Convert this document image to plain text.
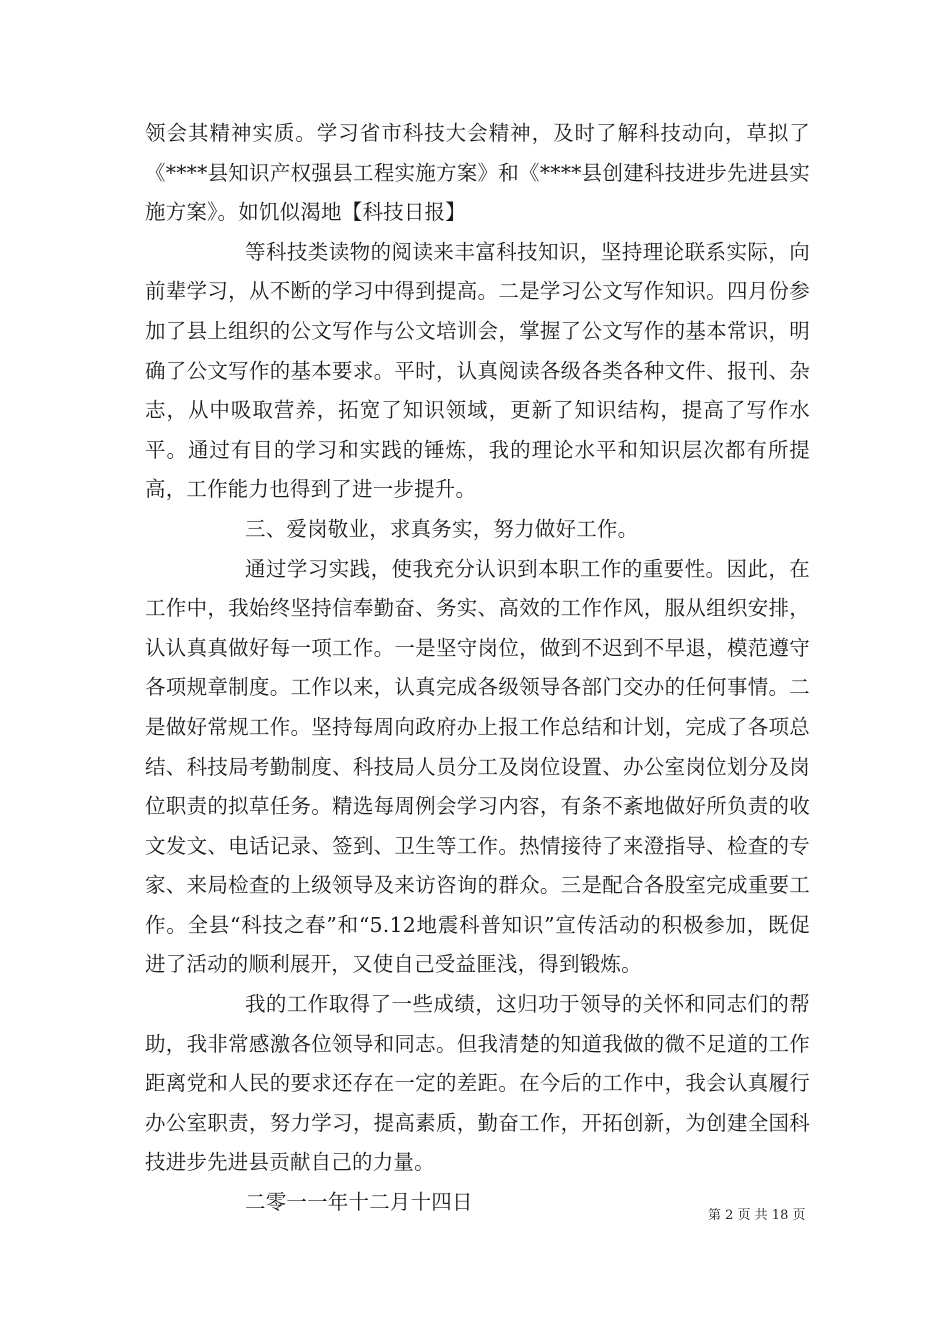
领会其精神实质。学习省市科技大会精神，及时了解科技动向，草拟了《****县知识产权强县工程实施方案》和《****县创建科技进步先进县实施方案》。如饥似渴地【科技日报】

等科技类读物的阅读来丰富科技知识，坚持理论联系实际，向前辈学习，从不断的学习中得到提高。二是学习公文写作知识。四月份参加了县上组织的公文写作与公文培训会，掌握了公文写作的基本常识，明确了公文写作的基本要求。平时，认真阅读各级各类各种文件、报刊、杂志，从中吸取营养，拓宽了知识领域，更新了知识结构，提高了写作水平。通过有目的学习和实践的锤炼，我的理论水平和知识层次都有所提高，工作能力也得到了进一步提升。

三、爱岗敬业，求真务实，努力做好工作。

通过学习实践，使我充分认识到本职工作的重要性。因此，在工作中，我始终坚持信奉勤奋、务实、高效的工作作风，服从组织安排，认认真真做好每一项工作。一是坚守岗位，做到不迟到不早退，模范遵守各项规章制度。工作以来，认真完成各级领导各部门交办的任何事情。二是做好常规工作。坚持每周向政府办上报工作总结和计划，完成了各项总结、科技局考勤制度、科技局人员分工及岗位设置、办公室岗位划分及岗位职责的拟草任务。精选每周例会学习内容，有条不紊地做好所负责的收文发文、电话记录、签到、卫生等工作。热情接待了来澄指导、检查的专家、来局检查的上级领导及来访咨询的群众。三是配合各股室完成重要工作。全县“科技之春”和“5.12地震科普知识”宣传活动的积极参加，既促进了活动的顺利展开，又使自己受益匪浅，得到锻炼。

我的工作取得了一些成绩，这归功于领导的关怀和同志们的帮助，我非常感激各位领导和同志。但我清楚的知道我做的微不足道的工作距离党和人民的要求还存在一定的差距。在今后的工作中，我会认真履行办公室职责，努力学习，提高素质，勤奋工作，开拓创新，为创建全国科技进步先进县贡献自己的力量。

二零一一年十二月十四日

第 2 页 共 18 页
